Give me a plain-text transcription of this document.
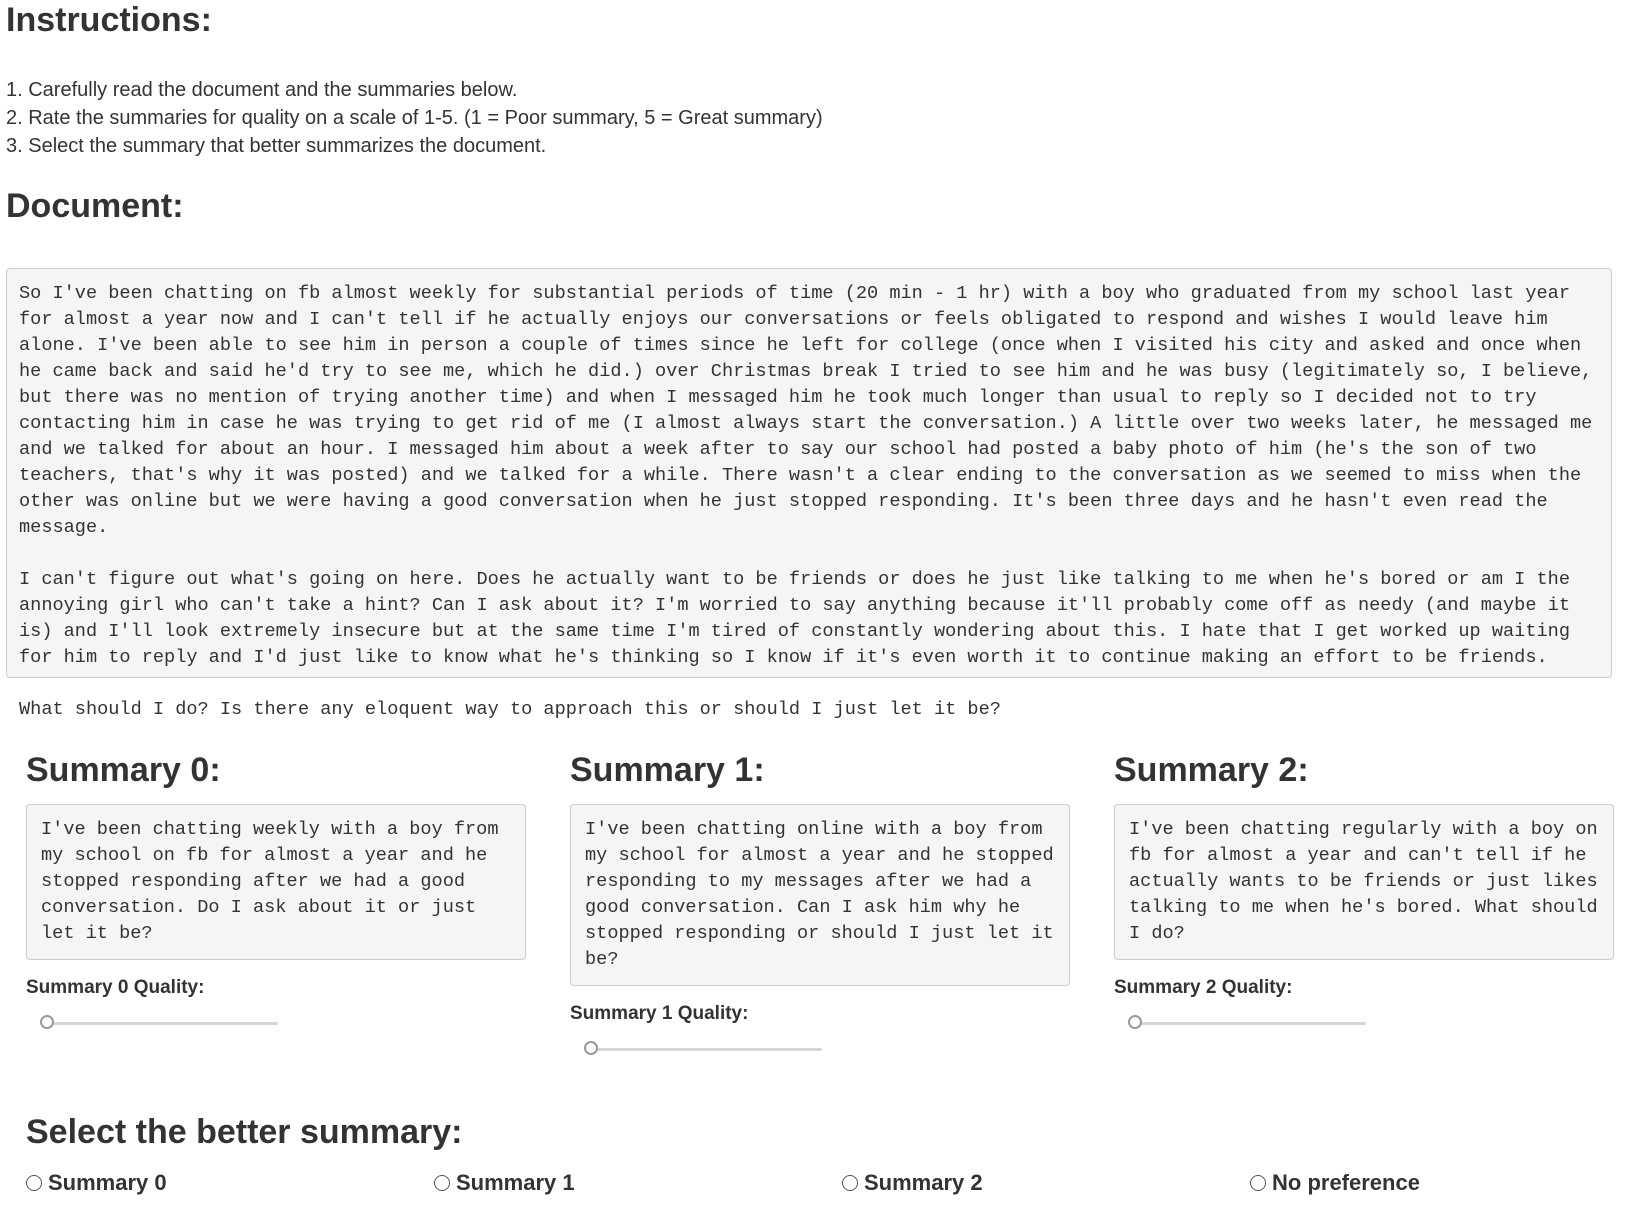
Instructions:
1. Carefully read the document and the summaries below.
2. Rate the summaries for quality on a scale of 1-5. (1 = Poor summary, 5 = Great summary)
3. Select the summary that better summarizes the document.
Document:

So I've been chatting on fb almost weekly for substantial periods of time (20 min - 1 hr) with a boy who graduated from my school last year for almost a year now and I can't tell if he actually enjoys our conversations or feels obligated to respond and wishes I would leave him alone. I've been able to see him in person a couple of times since he left for college (once when I visited his city and asked and once when he came back and said he'd try to see me, which he did.) over Christmas break I tried to see him and he was busy (legitimately so, I believe, but there was no mention of trying another time) and when I messaged him he took much longer than usual to reply so I decided not to try contacting him in case he was trying to get rid of me (I almost always start the conversation.) A little over two weeks later, he messaged me and we talked for about an hour. I messaged him about a week after to say our school had posted a baby photo of him (he's the son of two teachers, that's why it was posted) and we talked for a while. There wasn't a clear ending to the conversation as we seemed to miss when the other was online but we were having a good conversation when he just stopped responding. It's been three days and he hasn't even read the message.

I can't figure out what's going on here. Does he actually want to be friends or does he just like talking to me when he's bored or am I the annoying girl who can't take a hint? Can I ask about it? I'm worried to say anything because it'll probably come off as needy (and maybe it is) and I'll look extremely insecure but at the same time I'm tired of constantly wondering about this. I hate that I get worked up waiting for him to reply and I'd just like to know what he's thinking so I know if it's even worth it to continue making an effort to be friends.

What should I do? Is there any eloquent way to approach this or should I just let it be?

Summary 0:
I've been chatting weekly with a boy from my school on fb for almost a year and he stopped responding after we had a good conversation. Do I ask about it or just let it be?
Summary 0 Quality:
Summary 1:
I've been chatting online with a boy from my school for almost a year and he stopped responding to my messages after we had a good conversation. Can I ask him why he stopped responding or should I just let it be?
Summary 1 Quality:
Summary 2:
I've been chatting regularly with a boy on fb for almost a year and can't tell if he actually wants to be friends or just likes talking to me when he's bored. What should I do?
Summary 2 Quality:
Select the better summary:
Summary 0	Summary 1	Summary 2	No preference
